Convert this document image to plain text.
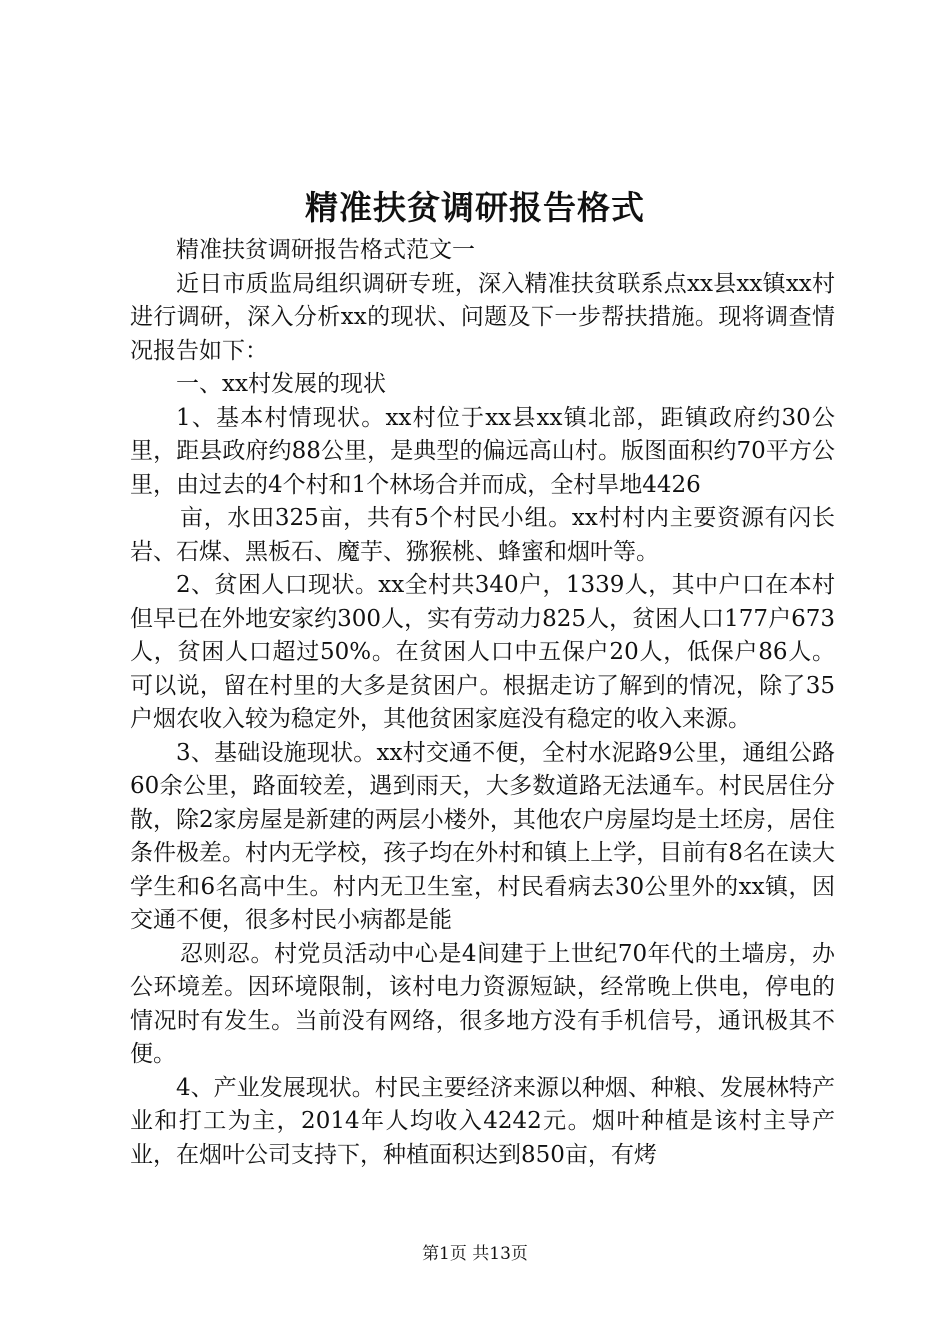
精准扶贫调研报告格式

精准扶贫调研报告格式范文一

近日市质监局组织调研专班，深入精准扶贫联系点xx县xx镇xx村进行调研，深入分析xx的现状、问题及下一步帮扶措施。现将调查情况报告如下：

一、xx村发展的现状

1、基本村情现状。xx村位于xx县xx镇北部，距镇政府约30公里，距县政府约88公里，是典型的偏远高山村。版图面积约70平方公里，由过去的4个村和1个林场合并而成，全村旱地4426

亩，水田325亩，共有5个村民小组。xx村村内主要资源有闪长岩、石煤、黑板石、魔芋、猕猴桃、蜂蜜和烟叶等。

2、贫困人口现状。xx全村共340户，1339人，其中户口在本村但早已在外地安家约300人，实有劳动力825人，贫困人口177户673人，贫困人口超过50%。在贫困人口中五保户20人，低保户86人。可以说，留在村里的大多是贫困户。根据走访了解到的情况，除了35户烟农收入较为稳定外，其他贫困家庭没有稳定的收入来源。

3、基础设施现状。xx村交通不便，全村水泥路9公里，通组公路60余公里，路面较差，遇到雨天，大多数道路无法通车。村民居住分散，除2家房屋是新建的两层小楼外，其他农户房屋均是土坯房，居住条件极差。村内无学校，孩子均在外村和镇上上学，目前有8名在读大学生和6名高中生。村内无卫生室，村民看病去30公里外的xx镇，因交通不便，很多村民小病都是能

忍则忍。村党员活动中心是4间建于上世纪70年代的土墙房，办公环境差。因环境限制，该村电力资源短缺，经常晚上供电，停电的情况时有发生。当前没有网络，很多地方没有手机信号，通讯极其不便。

4、产业发展现状。村民主要经济来源以种烟、种粮、发展林特产业和打工为主，2014年人均收入4242元。烟叶种植是该村主导产业，在烟叶公司支持下，种植面积达到850亩，有烤

第1页 共13页
